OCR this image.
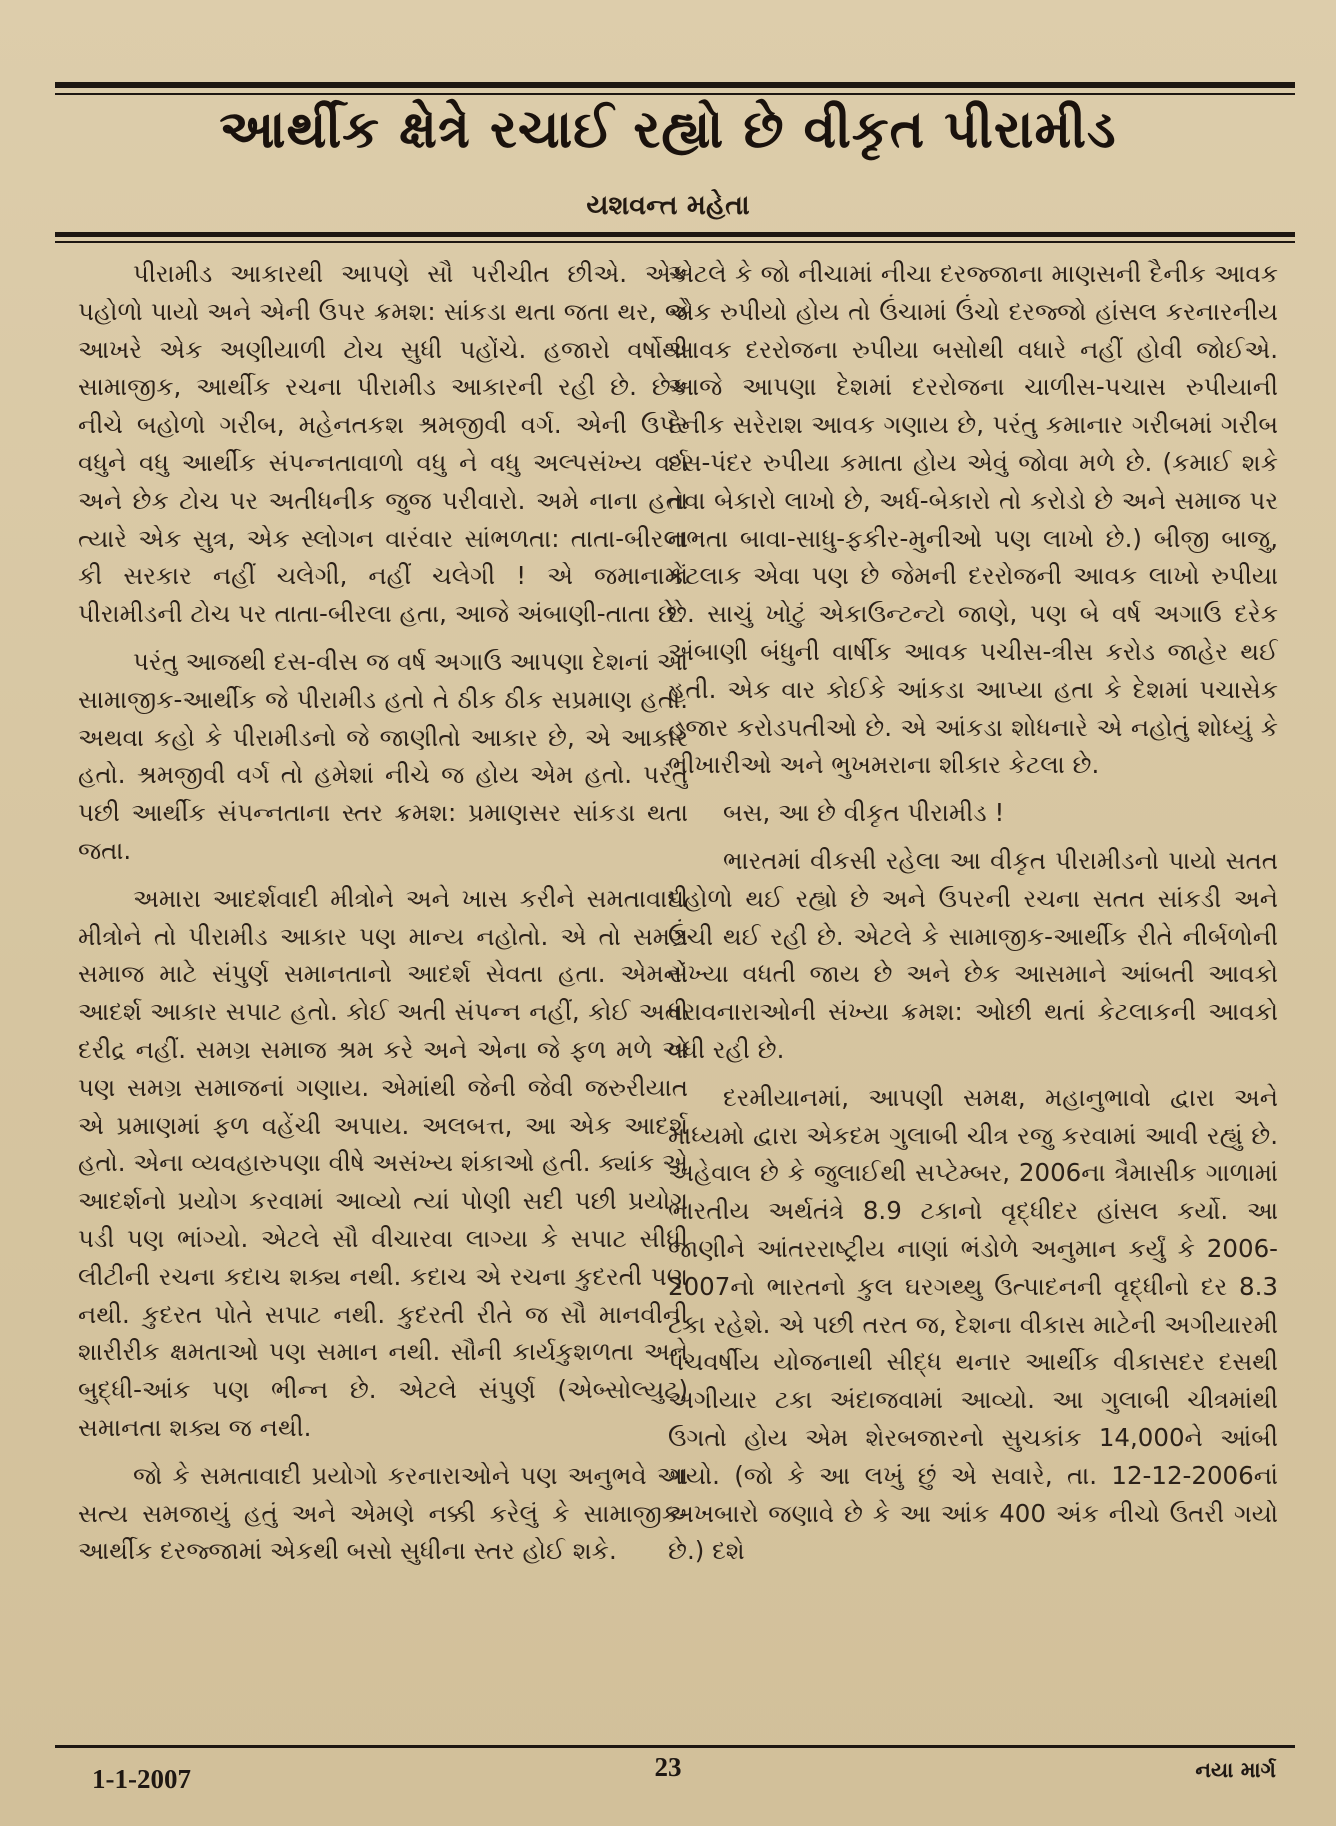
આર્થીક ક્ષેત્રે રચાઈ રહ્યો છે વીકૃત પીરામીડ
યશવન્ત મહેતા

પીરામીડ આકારથી આપણે સૌ પરીચીત છીએ. એક પહોળો પાયો અને એની ઉપર ક્રમશ: સાંકડા થતા જતા થર, જે આખરે એક અણીયાળી ટોચ સુધી પહોંચે. હજારો વર્ષોથી સામાજીક, આર્થીક રચના પીરામીડ આકારની રહી છે. છેક નીચે બહોળો ગરીબ, મહેનતકશ શ્રમજીવી વર્ગ. એની ઉપર વધુને વધુ આર્થીક સંપન્નતાવાળો વધુ ને વધુ અલ્પસંખ્ય વર્ગ અને છેક ટોચ પર અતીધનીક જુજ પરીવારો. અમે નાના હતા ત્યારે એક સુત્ર, એક સ્લોગન વારંવાર સાંભળતા: તાતા-બીરલા કી સરકાર નહીં ચલેગી, નહીં ચલેગી ! એ જમાનામાં પીરામીડની ટોચ પર તાતા-બીરલા હતા, આજે અંબાણી-તાતા છે.

પરંતુ આજથી દસ-વીસ જ વર્ષ અગાઉ આપણા દેશનાં આ સામાજીક-આર્થીક જે પીરામીડ હતો તે ઠીક ઠીક સપ્રમાણ હતો. અથવા કહો કે પીરામીડનો જે જાણીતો આકાર છે, એ આકારે હતો. શ્રમજીવી વર્ગ તો હમેશાં નીચે જ હોય એમ હતો. પરંતુ પછી આર્થીક સંપન્નતાના સ્તર ક્રમશ: પ્રમાણસર સાંકડા થતા જતા.

અમારા આદર્શવાદી મીત્રોને અને ખાસ કરીને સમતાવાદી મીત્રોને તો પીરામીડ આકાર પણ માન્ય નહોતો. એ તો સમગ્ર સમાજ માટે સંપુર્ણ સમાનતાનો આદર્શ સેવતા હતા. એમનો આદર્શ આકાર સપાટ હતો. કોઈ અતી સંપન્ન નહીં, કોઈ અતી દરીદ્ર નહીં. સમગ્ર સમાજ શ્રમ કરે અને એના જે ફળ મળે એ પણ સમગ્ર સમાજનાં ગણાય. એમાંથી જેની જેવી જરુરીયાત એ પ્રમાણમાં ફળ વહેંચી અપાય. અલબત્ત, આ એક આદર્શ હતો. એના વ્યવહારુપણા વીષે અસંખ્ય શંકાઓ હતી. ક્યાંક એ આદર્શનો પ્રયોગ કરવામાં આવ્યો ત્યાં પોણી સદી પછી પ્રયોગ પડી પણ ભાંગ્યો. એટલે સૌ વીચારવા લાગ્યા કે સપાટ સીધી લીટીની રચના કદાચ શક્ય નથી. કદાચ એ રચના કુદરતી પણ નથી. કુદરત પોતે સપાટ નથી. કુદરતી રીતે જ સૌ માનવીની શારીરીક ક્ષમતાઓ પણ સમાન નથી. સૌની કાર્યકુશળતા અને બુદ્ધી-આંક પણ ભીન્ન છે. એટલે સંપુર્ણ (એબ્સોલ્યુટ) સમાનતા શક્ય જ નથી.

જો કે સમતાવાદી પ્રયોગો કરનારાઓને પણ અનુભવે આ સત્ય સમજાયું હતું અને એમણે નક્કી કરેલું કે સામાજીક-આર્થીક દરજ્જામાં એકથી બસો સુધીના સ્તર હોઈ શકે.

એટલે કે જો નીચામાં નીચા દરજ્જાના માણસની દૈનીક આવક એક રુપીયો હોય તો ઉંચામાં ઉંચો દરજ્જો હાંસલ કરનારનીય આવક દરરોજના રુપીયા બસોથી વધારે નહીં હોવી જોઈએ. આજે આપણા દેશમાં દરરોજના ચાળીસ-પચાસ રુપીયાની દૈનીક સરેરાશ આવક ગણાય છે, પરંતુ કમાનાર ગરીબમાં ગરીબ દસ-પંદર રુપીયા કમાતા હોય એવું જોવા મળે છે. (કમાઈ શકે તેવા બેકારો લાખો છે, અર્ધ-બેકારો તો કરોડો છે અને સમાજ પર નભતા બાવા-સાધુ-ફકીર-મુનીઓ પણ લાખો છે.) બીજી બાજુ, કેટલાક એવા પણ છે જેમની દરરોજની આવક લાખો રુપીયા છે. સાચું ખોટું એકાઉન્ટન્ટો જાણે, પણ બે વર્ષ અગાઉ દરેક અંબાણી બંધુની વાર્ષીક આવક પચીસ-ત્રીસ કરોડ જાહેર થઈ હતી. એક વાર કોઈકે આંકડા આપ્યા હતા કે દેશમાં પચાસેક હજાર કરોડપતીઓ છે. એ આંકડા શોધનારે એ નહોતું શોધ્યું કે ભીખારીઓ અને ભુખમરાના શીકાર કેટલા છે.

બસ, આ છે વીકૃત પીરામીડ !

ભારતમાં વીકસી રહેલા આ વીકૃત પીરામીડનો પાયો સતત પહોળો થઈ રહ્યો છે અને ઉપરની રચના સતત સાંકડી અને ઉંચી થઈ રહી છે. એટલે કે સામાજીક-આર્થીક રીતે નીર્બળોની સંખ્યા વધતી જાય છે અને છેક આસમાને આંબતી આવકો ધરાવનારાઓની સંખ્યા ક્રમશ: ઓછી થતાં કેટલાકની આવકો વધી રહી છે.

દરમીયાનમાં, આપણી સમક્ષ, મહાનુભાવો દ્વારા અને માધ્યમો દ્વારા એકદમ ગુલાબી ચીત્ર રજુ કરવામાં આવી રહ્યું છે. અહેવાલ છે કે જુલાઈથી સપ્ટેમ્બર, 2006ના ત્રૈમાસીક ગાળામાં ભારતીય અર્થતંત્રે 8.9 ટકાનો વૃદ્ધીદર હાંસલ કર્યો. આ જાણીને આંતરરાષ્ટ્રીય નાણાં ભંડોળે અનુમાન કર્યું કે 2006-2007નો ભારતનો કુલ ઘરગથ્થુ ઉત્પાદનની વૃદ્ધીનો દર 8.3 ટકા રહેશે. એ પછી તરત જ, દેશના વીકાસ માટેની અગીયારમી પંચવર્ષીય યોજનાથી સીદ્ધ થનાર આર્થીક વીકાસદર દસથી અગીયાર ટકા અંદાજવામાં આવ્યો. આ ગુલાબી ચીત્રમાંથી ઉગતો હોય એમ શેરબજારનો સુચકાંક 14,000ને આંબી ગયો. (જો કે આ લખું છું એ સવારે, તા. 12-12-2006નાં અખબારો જણાવે છે કે આ આંક 400 અંક નીચો ઉતરી ગયો છે.) દશે

1-1-2007	23	નયા માર્ગ
